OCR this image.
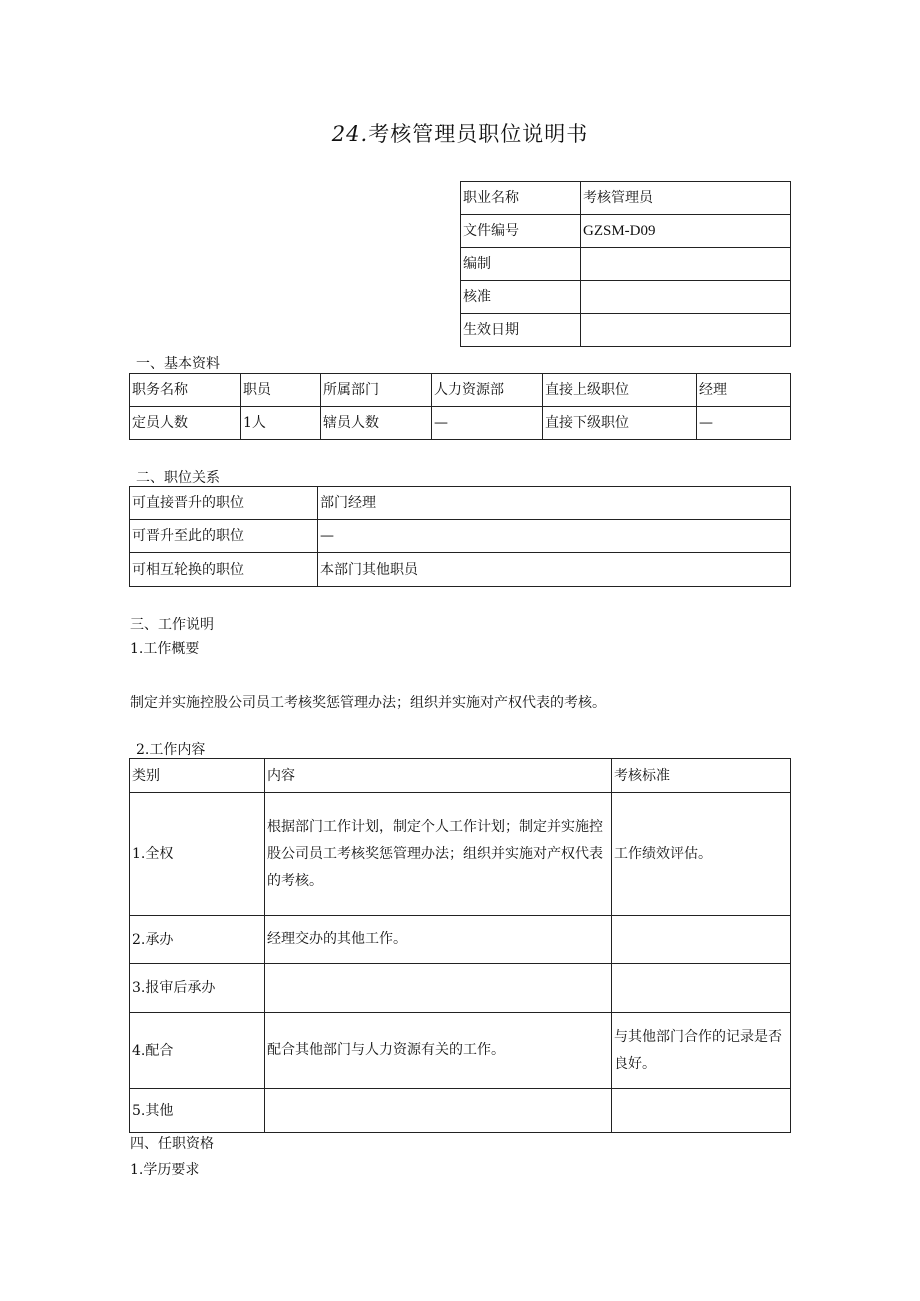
24.考核管理员职位说明书
职业名称	考核管理员
文件编号	GZSM-D09
编制	
核准	
生效日期	
一、基本资料
职务名称	职员	所属部门	人力资源部	直接上级职位	经理
定员人数	1人	辖员人数	—	直接下级职位	—
二、职位关系
可直接晋升的职位	部门经理
可晋升至此的职位	—
可相互轮换的职位	本部门其他职员
三、工作说明
1.工作概要
制定并实施控股公司员工考核奖惩管理办法；组织并实施对产权代表的考核。
2.工作内容
类别	内容	考核标准
1.全权	根据部门工作计划，制定个人工作计划；制定并实施控股公司员工考核奖惩管理办法；组织并实施对产权代表的考核。	工作绩效评估。
2.承办	经理交办的其他工作。	
3.报审后承办		
4.配合	配合其他部门与人力资源有关的工作。	与其他部门合作的记录是否良好。
5.其他		
四、任职资格
1.学历要求
